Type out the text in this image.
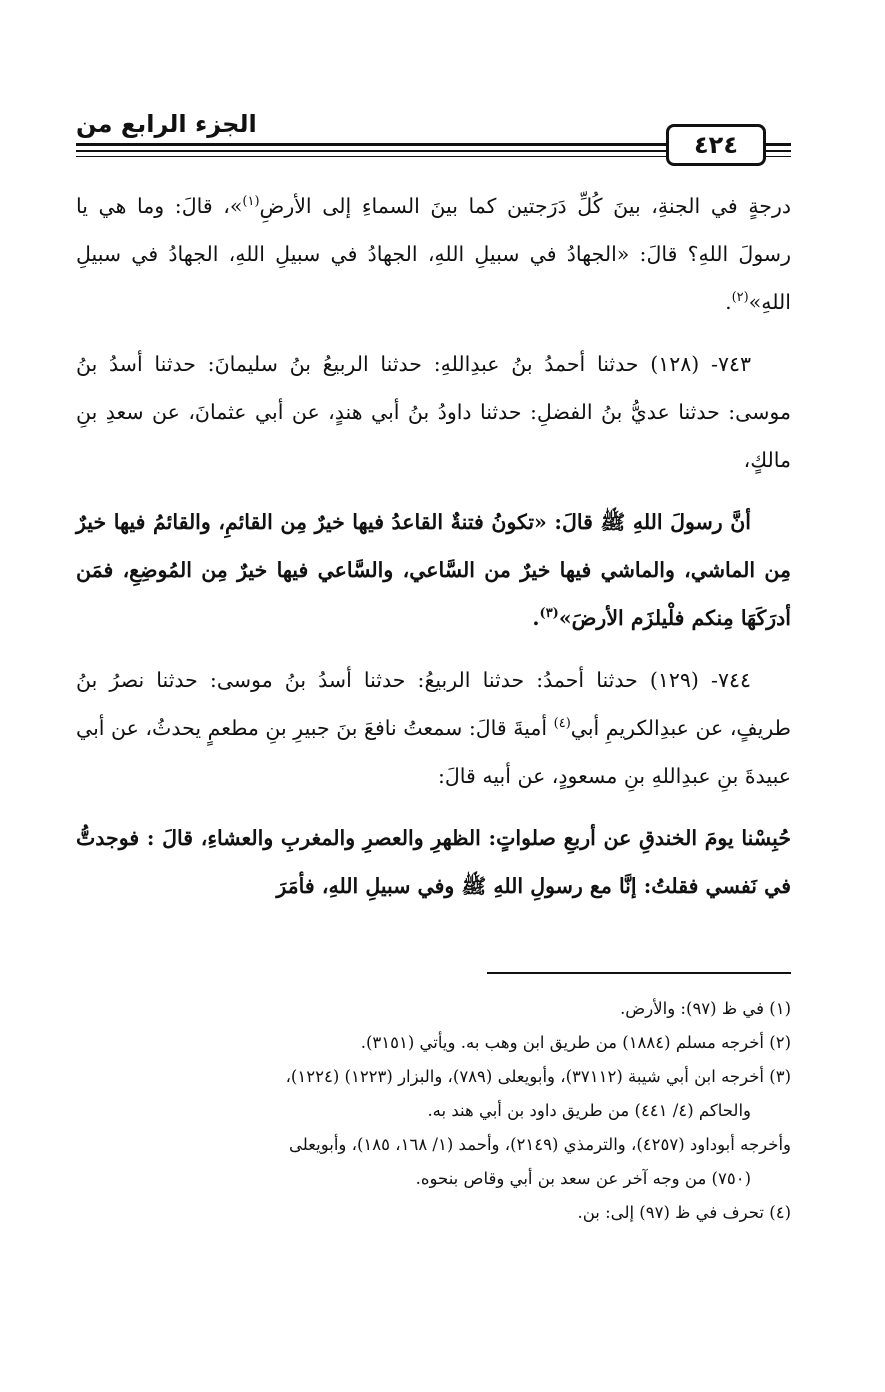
الجزء الرابع من
٤٢٤

درجةٍ في الجنةِ، بينَ كُلِّ دَرَجتين كما بينَ السماءِ إلى الأرضِ$^{(١)}$»، قالَ: وما هي يا رسولَ اللهِ؟ قالَ: «الجهادُ في سبيلِ اللهِ، الجهادُ في سبيلِ اللهِ، الجهادُ في سبيلِ اللهِ»$^{(٢)}$.

٧٤٣- (١٢٨) حدثنا أحمدُ بنُ عبدِاللهِ: حدثنا الربيعُ بنُ سليمانَ: حدثنا أسدُ بنُ موسى: حدثنا عديُّ بنُ الفضلِ: حدثنا داودُ بنُ أبي هندٍ، عن أبي عثمانَ، عن سعدِ بنِ مالكٍ،

أنَّ رسولَ اللهِ ﷺ قالَ: «تكونُ فتنةٌ القاعدُ فيها خيرٌ مِن القائمِ، والقائمُ فيها خيرٌ مِن الماشي، والماشي فيها خيرٌ من السَّاعي، والسَّاعي فيها خيرٌ مِن المُوضِعِ، فمَن أدرَكَهَا مِنكم فلْيلزَم الأرضَ»$^{(٣)}$.

٧٤٤- (١٢٩) حدثنا أحمدُ: حدثنا الربيعُ: حدثنا أسدُ بنُ موسى: حدثنا نصرُ بنُ طريفٍ، عن عبدِالكريمِ أبي$^{(٤)}$ أميةَ قالَ: سمعتُ نافعَ بنَ جبيرِ بنِ مطعمٍ يحدثُ، عن أبي عبيدةَ بنِ عبدِاللهِ بنِ مسعودٍ، عن أبيه قالَ:

حُبِسْنا يومَ الخندقِ عن أربعِ صلواتٍ: الظهرِ والعصرِ والمغربِ والعشاءِ، قالَ : فوجدتُّ في نَفسي فقلتُ: إنَّا مع رسولِ اللهِ ﷺ وفي سبيلِ اللهِ، فأمَرَ

(١) في ظ (٩٧): والأرض.

(٢) أخرجه مسلم (١٨٨٤) من طريق ابن وهب به. ويأتي (٣١٥١).

(٣) أخرجه ابن أبي شيبة (٣٧١١٢)، وأبويعلى (٧٨٩)، والبزار (١٢٢٣) (١٢٢٤)،

والحاكم (٤/ ٤٤١) من طريق داود بن أبي هند به.

وأخرجه أبوداود (٤٢٥٧)، والترمذي (٢١٤٩)، وأحمد (١/ ١٦٨، ١٨٥)، وأبويعلى

(٧٥٠) من وجه آخر عن سعد بن أبي وقاص بنحوه.

(٤) تحرف في ظ (٩٧) إلى: بن.
